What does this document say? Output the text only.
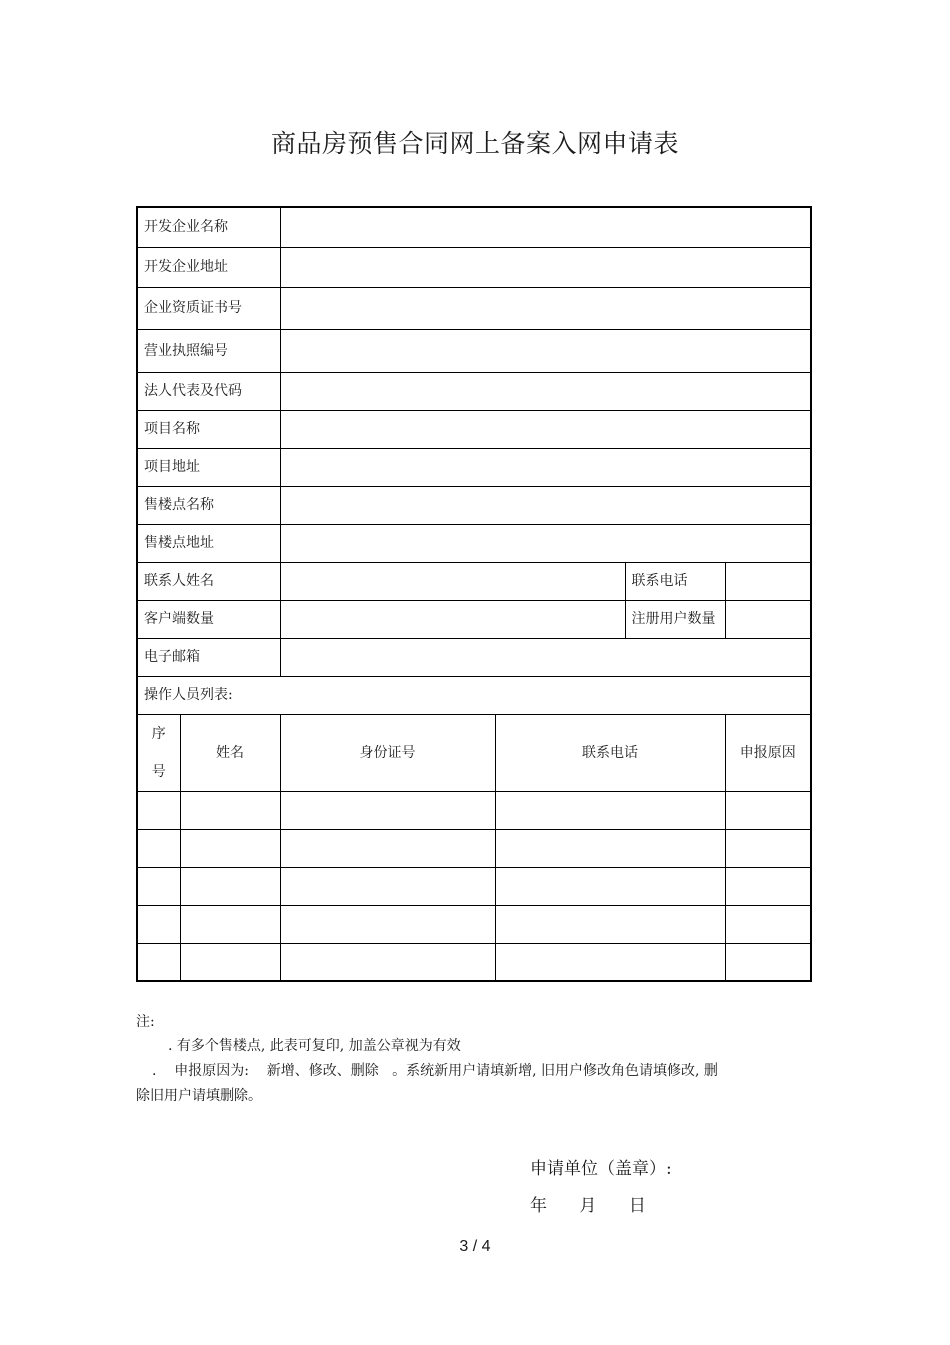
商品房预售合同网上备案入网申请表
开发企业名称					
开发企业地址					
企业资质证书号					
营业执照编号					
法人代表及代码					
项目名称					
项目地址					
售楼点名称					
售楼点地址					
联系人姓名				联系电话	
客户端数量				注册用户数量	
电子邮箱					
操作人员列表:					

序
号	姓名	身份证号	联系电话		申报原因

注:
. 有多个售楼点, 此表可复印, 加盖公章视为有效
.    申报原因为:    新增、修改、删除   。系统新用户请填新增, 旧用户修改角色请填修改, 删
除旧用户请填删除。
申请单位（盖章）:
年      月      日
3 / 4
